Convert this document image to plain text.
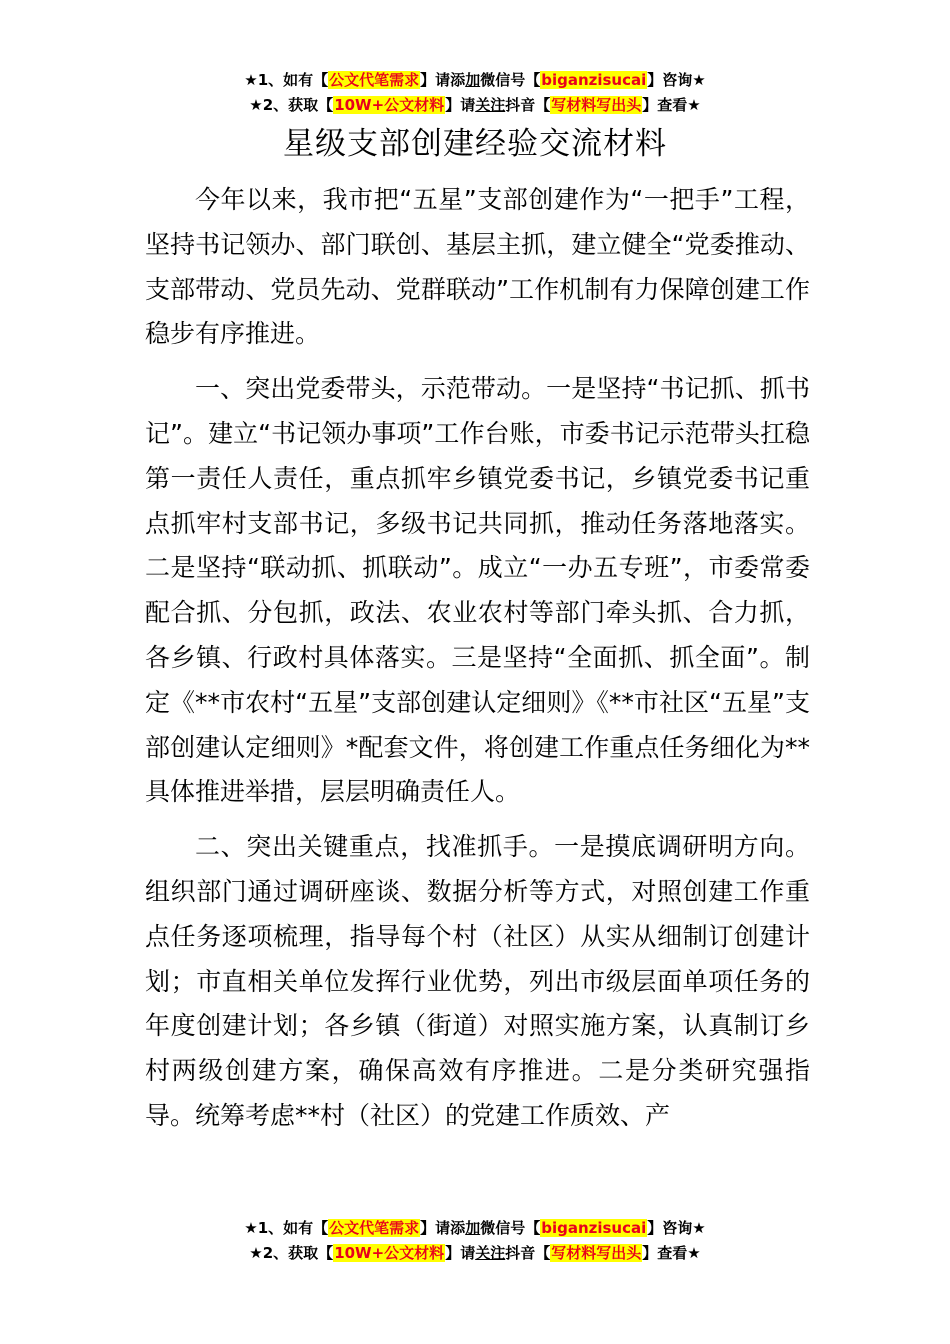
★1、如有【公文代笔需求】请添加微信号【biganzisucai】咨询★
★2、获取【10W+公文材料】请关注抖音【写材料写出头】查看★
星级支部创建经验交流材料

今年以来，我市把“五星”支部创建作为“一把手”工程，坚持书记领办、部门联创、基层主抓，建立健全“党委推动、支部带动、党员先动、党群联动”工作机制有力保障创建工作稳步有序推进。

一、突出党委带头，示范带动。一是坚持“书记抓、抓书记”。建立“书记领办事项”工作台账，市委书记示范带头扛稳第一责任人责任，重点抓牢乡镇党委书记，乡镇党委书记重点抓牢村支部书记，多级书记共同抓，推动任务落地落实。二是坚持“联动抓、抓联动”。成立“一办五专班”，市委常委配合抓、分包抓，政法、农业农村等部门牵头抓、合力抓，各乡镇、行政村具体落实。三是坚持“全面抓、抓全面”。制定《**市农村“五星”支部创建认定细则》《**市社区“五星”支部创建认定细则》*配套文件，将创建工作重点任务细化为**具体推进举措，层层明确责任人。

二、突出关键重点，找准抓手。一是摸底调研明方向。组织部门通过调研座谈、数据分析等方式，对照创建工作重点任务逐项梳理，指导每个村（社区）从实从细制订创建计划；市直相关单位发挥行业优势，列出市级层面单项任务的年度创建计划；各乡镇（街道）对照实施方案，认真制订乡村两级创建方案，确保高效有序推进。二是分类研究强指导。统筹考虑**村（社区）的党建工作质效、产

★1、如有【公文代笔需求】请添加微信号【biganzisucai】咨询★
★2、获取【10W+公文材料】请关注抖音【写材料写出头】查看★
